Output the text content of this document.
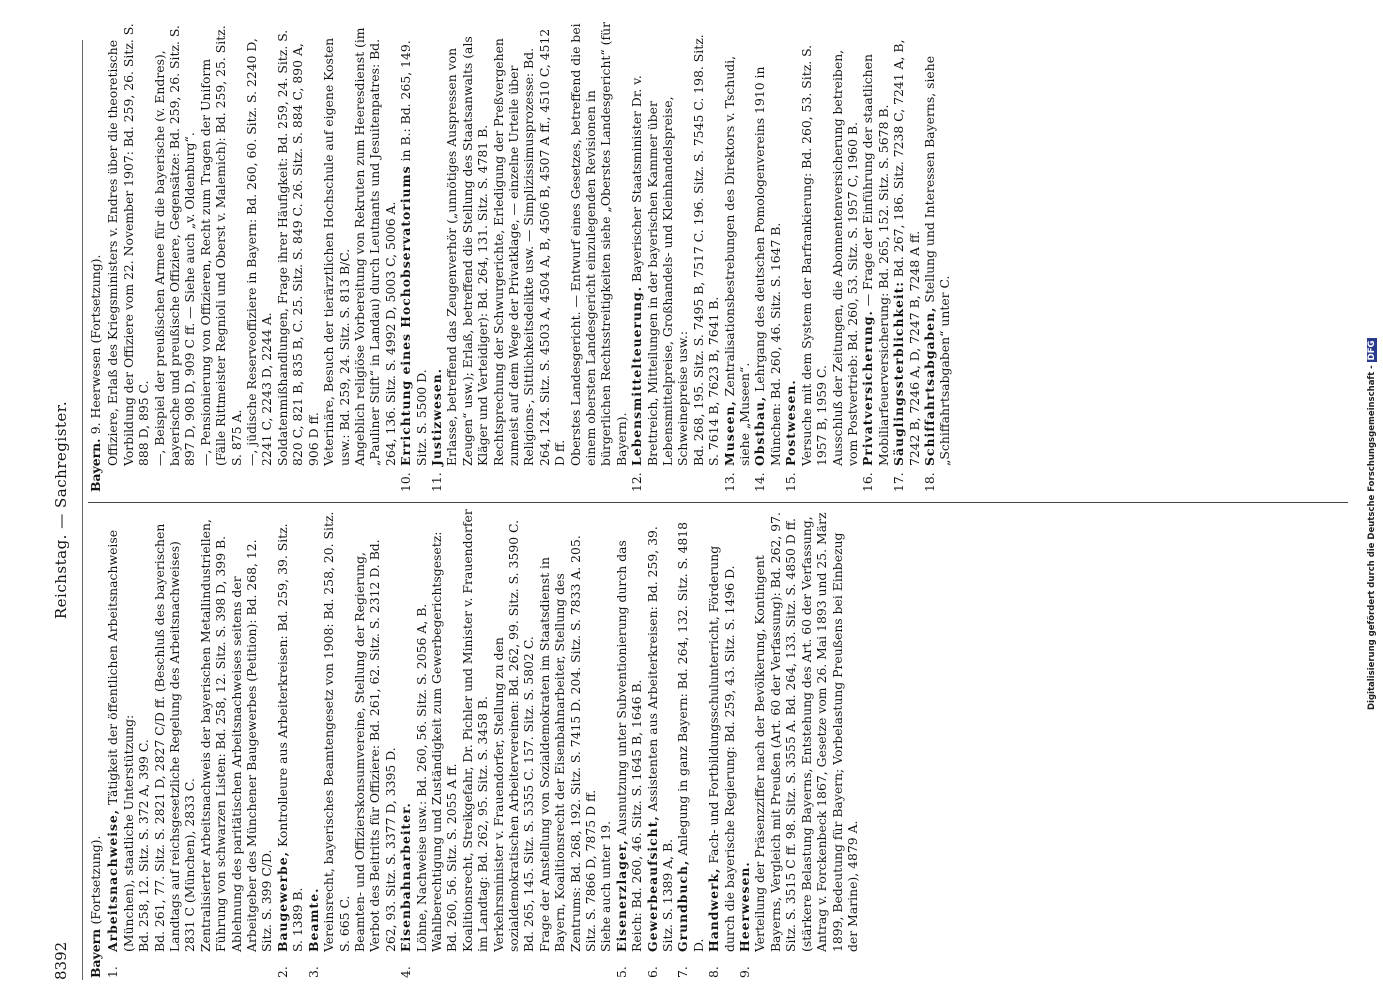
8392
Reichstag. — Sachregister.
Bayern (Fortsetzung).

1.Arbeitsnachweise, Tätigkeit der öffentlichen Arbeitsnachweise (München), staatliche Unterstützung: Bd. 258, 12. Sitz. S. 372 A, 399 C. Bd. 261, 77. Sitz. S. 2821 D, 2827 C/D ff. (Beschluß des bayerischen Landtags auf reichsgesetzliche Regelung des Arbeitsnachweises) 2831 C (München), 2833 C. Zentralisierter Arbeitsnachweis der bayerischen Metallindustriellen, Führung von schwarzen Listen: Bd. 258, 12. Sitz. S. 398 D, 399 B. Ablehnung des paritätischen Arbeitsnachweises seitens der Arbeitgeber des Münchener Baugewerbes (Petition): Bd. 268, 12. Sitz. S. 399 C/D.

2.Baugewerbe, Kontrolleure aus Arbeiterkreisen: Bd. 259, 39. Sitz. S. 1389 B.

3.Beamte. Vereinsrecht, bayerisches Beamtengesetz von 1908: Bd. 258, 20. Sitz. S. 665 C. Beamten- und Offizierskonsumvereine, Stellung der Regierung, Verbot des Beitritts für Offiziere: Bd. 261, 62. Sitz. S. 2312 D. Bd. 262, 93. Sitz. S. 3377 D, 3395 D.

4.Eisenbahnarbeiter. Löhne, Nachweise usw.: Bd. 260, 56. Sitz. S. 2056 A, B. Wahlberechtigung und Zuständigkeit zum Gewerbegerichtsgesetz: Bd. 260, 56. Sitz. S. 2055 A ff. Koalitionsrecht, Streikgefahr, Dr. Pichler und Minister v. Frauendorfer im Landtag: Bd. 262, 95. Sitz. S. 3458 B. Verkehrsminister v. Frauendorfer, Stellung zu den sozialdemokratischen Arbeitervereinen: Bd. 262, 99. Sitz. S. 3590 C. Bd. 265, 145. Sitz. S. 5355 C. 157. Sitz. S. 5802 C. Frage der Anstellung von Sozialdemokraten im Staatsdienst in Bayern, Koalitionsrecht der Eisenbahnarbeiter, Stellung des Zentrums: Bd. 268, 192. Sitz. S. 7415 D. 204. Sitz. S. 7833 A. 205. Sitz. S. 7866 D, 7875 D ff. Siehe auch unter 19.

5.Eisenerzlager, Ausnutzung unter Subventionierung durch das Reich: Bd. 260, 46. Sitz. S. 1645 B, 1646 B.

6.Gewerbeaufsicht, Assistenten aus Arbeiterkreisen: Bd. 259, 39. Sitz. S. 1389 A, B.

7.Grundbuch, Anlegung in ganz Bayern: Bd. 264, 132. Sitz. S. 4818 D.

8.Handwerk, Fach- und Fortbildungsschulunterricht, Förderung durch die bayerische Regierung: Bd. 259, 43. Sitz. S. 1496 D.

9.Heerwesen. Verteilung der Präsenzziffer nach der Bevölkerung, Kontingent Bayerns, Vergleich mit Preußen (Art. 60 der Verfassung): Bd. 262, 97. Sitz. S. 3515 C ff. 98. Sitz. S. 3555 A. Bd. 264, 133. Sitz. S. 4850 D ff. (stärkere Belastung Bayerns, Entstehung des Art. 60 der Verfassung, Antrag v. Forckenbeck 1867, Gesetze vom 26. Mai 1893 und 25. März 1899, Bedeutung für Bayern; Vorbelastung Preußens bei Einbezug der Marine), 4879 A.

Bayern. 9. Heerwesen (Fortsetzung). Offiziere, Erlaß des Kriegsministers v. Endres über die theoretische Vorbildung der Offiziere vom 22. November 1907: Bd. 259, 26. Sitz. S. 888 D, 895 C. —, Beispiel der preußischen Armee für die bayerische (v. Endres), bayerische und preußische Offiziere, Gegensätze: Bd. 259, 26. Sitz. S. 897 D, 908 D, 909 C ff. — Siehe auch „v. Oldenburg“. —, Pensionierung von Offizieren, Recht zum Tragen der Uniform (Fälle Rittmeister Regnioli und Oberst v. Malemich): Bd. 259, 25. Sitz. S. 875 A. —, jüdische Reserveoffiziere in Bayern: Bd. 260, 60. Sitz. S. 2240 D, 2241 C, 2243 D, 2244 A. Soldatenmißhandlungen, Frage ihrer Häufigkeit: Bd. 259, 24. Sitz. S. 820 C, 821 B, 835 B, C. 25. Sitz. S. 849 C. 26. Sitz. S. 884 C, 890 A, 906 D ff. Veterinäre, Besuch der tierärztlichen Hochschule auf eigene Kosten usw.: Bd. 259, 24. Sitz. S. 813 B/C. Angeblich religiöse Vorbereitung von Rekruten zum Heeresdienst (im „Pauliner Stift“ in Landau) durch Leutnants und Jesuitenpatres: Bd. 264, 136. Sitz. S. 4992 D, 5003 C, 5006 A.

10.Errichtung eines Hochobservatoriums in B.: Bd. 265, 149. Sitz. S. 5500 D.

11.Justizwesen. Erlasse, betreffend das Zeugenverhör („unnötiges Auspressen von Zeugen“ usw.); Erlaß, betreffend die Stellung des Staatsanwalts (als Kläger und Verteidiger): Bd. 264, 131. Sitz. S. 4781 B. Rechtsprechung der Schwurgerichte, Erledigung der Preßvergehen zumeist auf dem Wege der Privatklage, — einzelne Urteile über Religions-, Sittlichkeitsdelikte usw. — Simplizissimusprozesse: Bd. 264, 124. Sitz. S. 4503 A, 4504 A, B, 4506 B, 4507 A ff., 4510 C, 4512 D ff. Oberstes Landesgericht. — Entwurf eines Gesetzes, betreffend die bei einem obersten Landesgericht einzulegenden Revisionen in bürgerlichen Rechtsstreitigkeiten siehe „Oberstes Landesgericht“ (für Bayern).

12.Lebensmittelteuerung. Bayerischer Staatsminister Dr. v. Brettreich, Mitteilungen in der bayerischen Kammer über Lebensmittelpreise, Großhandels- und Kleinhandelspreise, Schweinepreise usw.: Bd. 268, 195. Sitz. S. 7495 B, 7517 C. 196. Sitz. S. 7545 C. 198. Sitz. S. 7614 B, 7623 B, 7641 B.

13.Museen, Zentralisationsbestrebungen des Direktors v. Tschudi, siehe „Museen“.

14.Obstbau, Lehrgang des deutschen Pomologenvereins 1910 in München: Bd. 260, 46. Sitz. S. 1647 B.

15.Postwesen. Versuche mit dem System der Barfrankierung: Bd. 260, 53. Sitz. S. 1957 B, 1959 C. Ausschluß der Zeitungen, die Abonnentenversicherung betreiben, vom Postvertrieb: Bd. 260, 53. Sitz. S. 1957 C, 1960 B.

16.Privatversicherung. — Frage der Einführung der staatlichen Mobiliarfeuerversicherung: Bd. 265, 152. Sitz. S. 5678 B.

17.Säuglingssterblichkeit: Bd. 267, 186. Sitz. 7238 C, 7241 A, B, 7242 B, 7246 A, D, 7247 B, 7248 A ff.

18.Schiffahrtsabgaben, Stellung und Interessen Bayerns, siehe „Schiffahrtsabgaben“ unter C.	Digitalisierung gefördert durch die Deutsche Forschungsgemeinschaft -DFG
